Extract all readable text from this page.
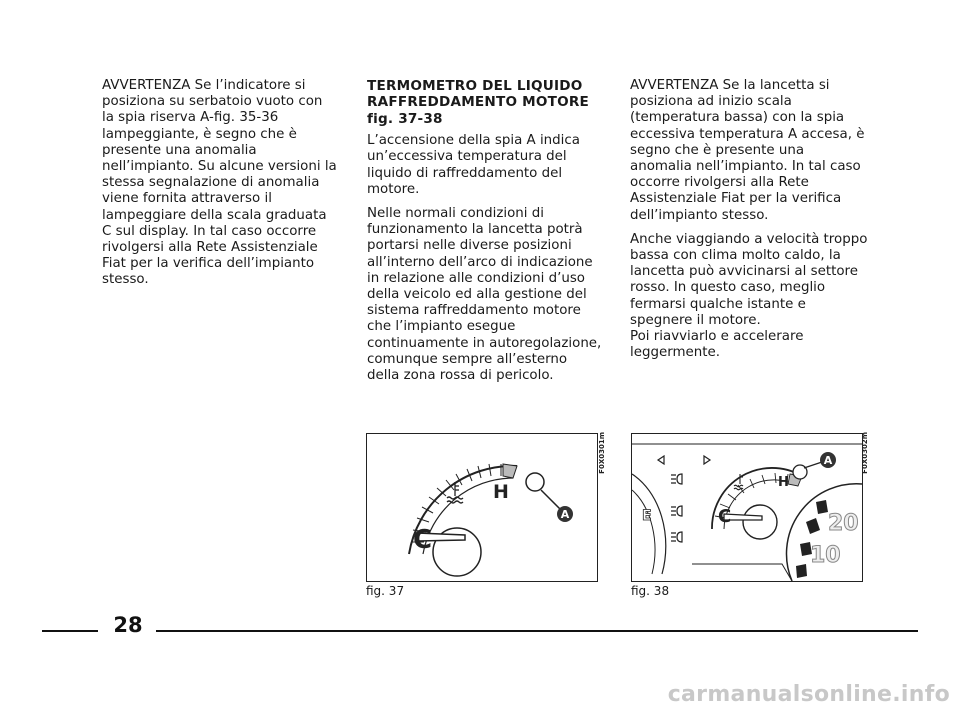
AVVERTENZA Se l’indicatore si posiziona su serbatoio vuoto con la spia riserva A-fig. 35-36 lampeggiante, è segno che è presente una anomalia nell’impianto. Su alcune versioni la stessa segnalazione di anomalia viene fornita attraverso il lampeggiare della scala graduata C sul display. In tal caso occorre rivolgersi alla Rete Assistenziale Fiat per la verifica dell’impianto stesso.

TERMOMETRO DEL LIQUIDO RAFFREDDAMENTO MOTORE fig. 37-38

L’accensione della spia A indica un’eccessiva temperatura del liquido di raffreddamento del motore.

Nelle normali condizioni di funzionamento la lancetta potrà portarsi nelle diverse posizioni all’interno dell’arco di indicazione in relazione alle condizioni d’uso della veicolo ed alla gestione del sistema raffreddamento motore che l’impianto esegue continuamente in autoregolazione, comunque sempre all’esterno della zona rossa di pericolo.

AVVERTENZA Se la lancetta si posiziona ad inizio scala (temperatura bassa) con la spia eccessiva temperatura A accesa, è segno che è presente una anomalia nell’impianto. In tal caso occorre rivolgersi alla Rete Assistenziale Fiat per la verifica dell’impianto stesso.

Anche viaggiando a velocità troppo bassa con clima molto caldo, la lancetta può avvicinarsi al settore rosso. In questo caso, meglio fermarsi qualche istante e spegnere il motore.

Poi riavviarlo e accelerare leggermente.

C
H
A
F0X0301m
fig. 37
E
H
A
C	20
10
F0X0302m
fig. 38
28
carmanualsonline.info
